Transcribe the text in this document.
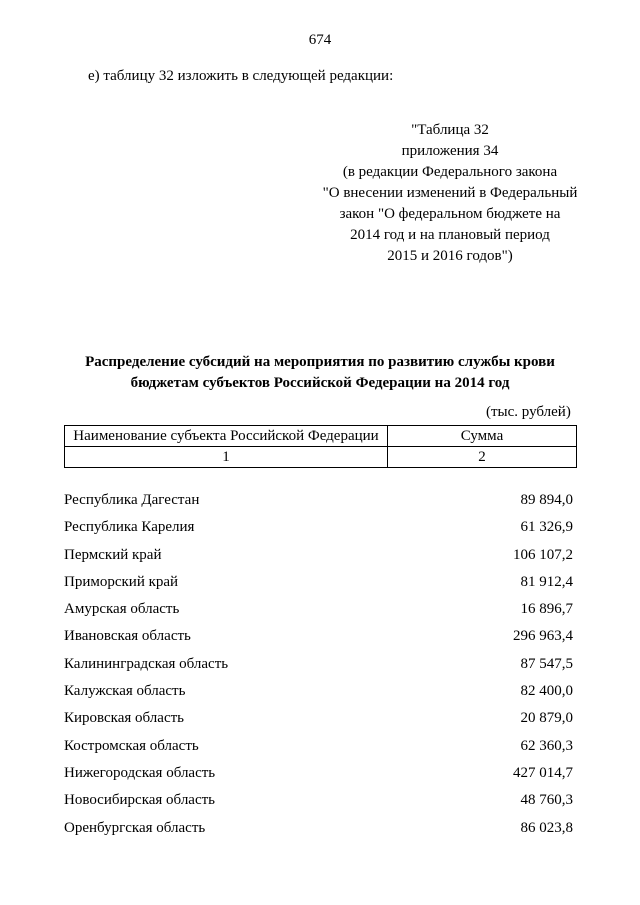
674
е) таблицу 32 изложить в следующей редакции:
"Таблица 32
приложения 34
(в редакции Федерального закона
"О внесении изменений в Федеральный
закон "О федеральном бюджете на
2014 год и на плановый период
2015 и 2016 годов")
Распределение субсидий на мероприятия по развитию службы крови
бюджетам субъектов Российской Федерации на 2014 год
(тыс. рублей)
Наименование субъекта Российской Федерации	Сумма
1	2
Республика Дагестан	89 894,0
Республика Карелия	61 326,9
Пермский край	106 107,2
Приморский край	81 912,4
Амурская область	16 896,7
Ивановская область	296 963,4
Калининградская область	87 547,5
Калужская область	82 400,0
Кировская область	20 879,0
Костромская область	62 360,3
Нижегородская область	427 014,7
Новосибирская область	48 760,3
Оренбургская область	86 023,8
